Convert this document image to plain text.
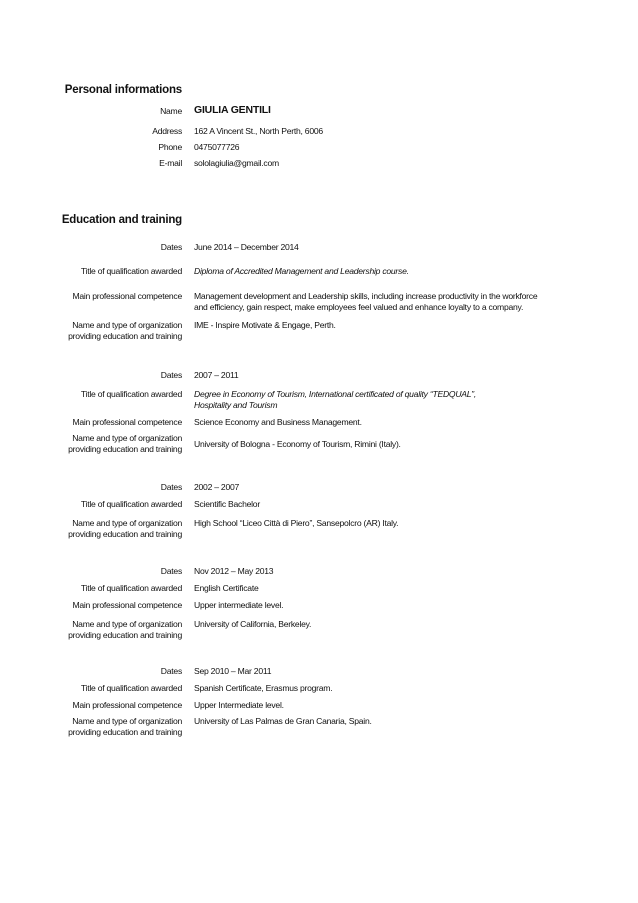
Personal informations
Name GIULIA GENTILI
Address 162 A Vincent St., North Perth, 6006
Phone 0475077726
E-mail sololagiulia@gmail.com
Education and training
Dates June 2014 – December 2014
Title of qualification awarded Diploma of Accredited Management and Leadership course.
Main professional competence Management development and Leadership skills, including increase productivity in the workforce
and efficiency, gain respect, make employees feel valued and enhance loyalty to a company.
Name and type of organization
providing education and training
IME - Inspire Motivate & Engage, Perth.
Dates 2007 – 2011
Title of qualification awarded Degree in Economy of Tourism, International certificated of quality “TEDQUAL”,
Hospitality and Tourism
Main professional competence Science Economy and Business Management.
Name and type of organization
providing education and training University of Bologna - Economy of Tourism, Rimini (Italy).
Dates 2002 – 2007
Title of qualification awarded Scientific Bachelor
Name and type of organization
providing education and training
High School “Liceo Città di Piero”, Sansepolcro (AR) Italy.
Dates Nov 2012 – May 2013
Title of qualification awarded English Certificate
Main professional competence Upper intermediate level.
Name and type of organization
providing education and training
University of California, Berkeley.
Dates Sep 2010 – Mar 2011
Title of qualification awarded Spanish Certificate, Erasmus program.
Main professional competence Upper Intermediate level.
Name and type of organization
providing education and training
University of Las Palmas de Gran Canaria, Spain.
